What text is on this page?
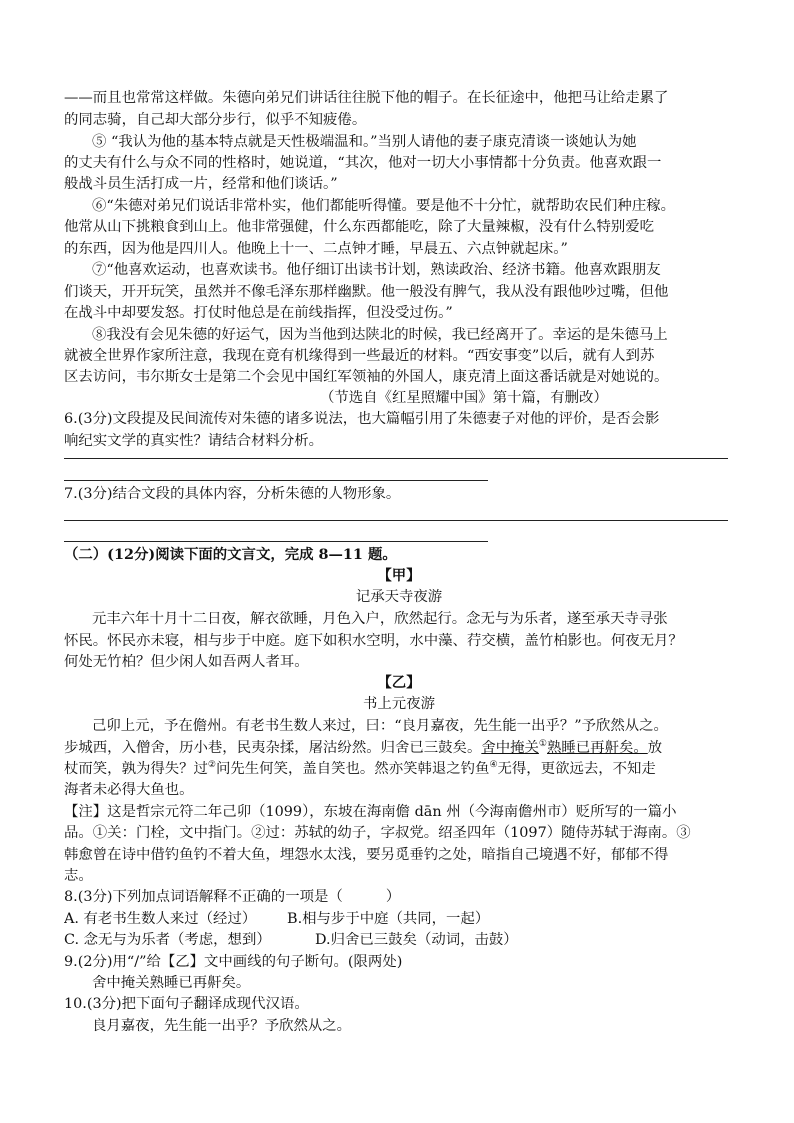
——而且也常常这样做。朱德向弟兄们讲话往往脱下他的帽子。在长征途中，他把马让给走累了
的同志骑，自己却大部分步行，似乎不知疲倦。
⑤ “我认为他的基本特点就是天性极端温和。”当别人请他的妻子康克清谈一谈她认为她
的丈夫有什么与众不同的性格时，她说道，“其次，他对一切大小事情都十分负责。他喜欢跟一
般战斗员生活打成一片，经常和他们谈话。”
⑥“朱德对弟兄们说话非常朴实，他们都能听得懂。要是他不十分忙，就帮助农民们种庄稼。
他常从山下挑粮食到山上。他非常强健，什么东西都能吃，除了大量辣椒，没有什么特别爱吃
的东西，因为他是四川人。他晚上十一、二点钟才睡，早晨五、六点钟就起床。”
⑦“他喜欢运动，也喜欢读书。他仔细订出读书计划，熟读政治、经济书籍。他喜欢跟朋友
们谈天，开开玩笑，虽然并不像毛泽东那样幽默。他一般没有脾气，我从没有跟他吵过嘴，但他
在战斗中却要发怒。打仗时他总是在前线指挥，但没受过伤。”
⑧我没有会见朱德的好运气，因为当他到达陕北的时候，我已经离开了。幸运的是朱德马上
就被全世界作家所注意，我现在竟有机缘得到一些最近的材料。“西安事变”以后，就有人到苏
区去访问，韦尔斯女士是第二个会见中国红军领袖的外国人，康克清上面这番话就是对她说的。
（节选自《红星照耀中国》第十篇，有删改）
6.(3分)文段提及民间流传对朱德的诸多说法，也大篇幅引用了朱德妻子对他的评价，是否会影
响纪实文学的真实性？请结合材料分析。
7.(3分)结合文段的具体内容，分析朱德的人物形象。
（二）(12分)阅读下面的文言文，完成 8—11 题。
【甲】
记承天寺夜游
元丰六年十月十二日夜，解衣欲睡，月色入户，欣然起行。念无与为乐者，遂至承天寺寻张
怀民。怀民亦未寝，相与步于中庭。庭下如积水空明，水中藻、荇交横，盖竹柏影也。何夜无月？
何处无竹柏？但少闲人如吾两人者耳。
【乙】
书上元夜游
己卯上元，予在儋州。有老书生数人来过，曰：“良月嘉夜，先生能一出乎？”予欣然从之。
步城西，入僧舍，历小巷，民夷杂揉，屠沽纷然。归舍已三鼓矣。舍中掩关①熟睡已再鼾矣。放
杖而笑，孰为得失？过②问先生何笑，盖自笑也。然亦笑韩退之钓鱼④无得，更欲远去，不知走
海者未必得大鱼也。
【注】这是哲宗元符二年己卯（1099），东坡在海南儋 dān 州（今海南儋州市）贬所写的一篇小
品。①关：门栓，文中指门。②过：苏轼的幼子，字叔党。绍圣四年（1097）随侍苏轼于海南。③
韩愈曾在诗中借钓鱼钓不着大鱼，埋怨水太浅，要另觅垂钓之处，暗指自己境遇不好，郁郁不得
志。
8.(3分)下列加点词语解释不正确的一项是（　　　）
A. 有老书生数人来过（经过）	B.相与步于中庭（共同，一起）
C. 念无与为乐者（考虑，想到）	D.归舍已三鼓矣（动词，击鼓）
9.(2分)用“/”给【乙】文中画线的句子断句。(限两处)
舍中掩关熟睡已再鼾矣。
10.(3分)把下面句子翻译成现代汉语。
良月嘉夜，先生能一出乎？予欣然从之。
